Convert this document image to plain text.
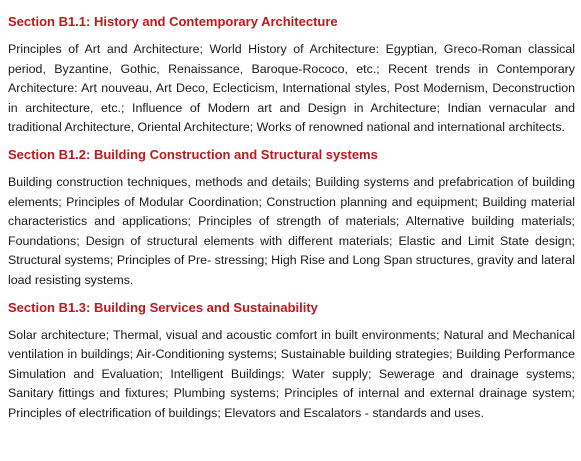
Section B1.1: History and Contemporary Architecture

Principles of Art and Architecture; World History of Architecture: Egyptian, Greco-Roman classical period, Byzantine, Gothic, Renaissance, Baroque-Rococo, etc.; Recent trends in Contemporary Architecture: Art nouveau, Art Deco, Eclecticism, International styles, Post Modernism, Deconstruction in architecture, etc.; Influence of Modern art and Design in Architecture; Indian vernacular and traditional Architecture, Oriental Architecture; Works of renowned national and international architects.

Section B1.2: Building Construction and Structural systems

Building construction techniques, methods and details; Building systems and prefabrication of building elements; Principles of Modular Coordination; Construction planning and equipment; Building material characteristics and applications; Principles of strength of materials; Alternative building materials; Foundations; Design of structural elements with different materials; Elastic and Limit State design; Structural systems; Principles of Pre- stressing; High Rise and Long Span structures, gravity and lateral load resisting systems.

Section B1.3: Building Services and Sustainability

Solar architecture; Thermal, visual and acoustic comfort in built environments; Natural and Mechanical ventilation in buildings; Air-Conditioning systems; Sustainable building strategies; Building Performance Simulation and Evaluation; Intelligent Buildings; Water supply; Sewerage and drainage systems; Sanitary fittings and fixtures; Plumbing systems; Principles of internal and external drainage system; Principles of electrification of buildings; Elevators and Escalators - standards and uses.
